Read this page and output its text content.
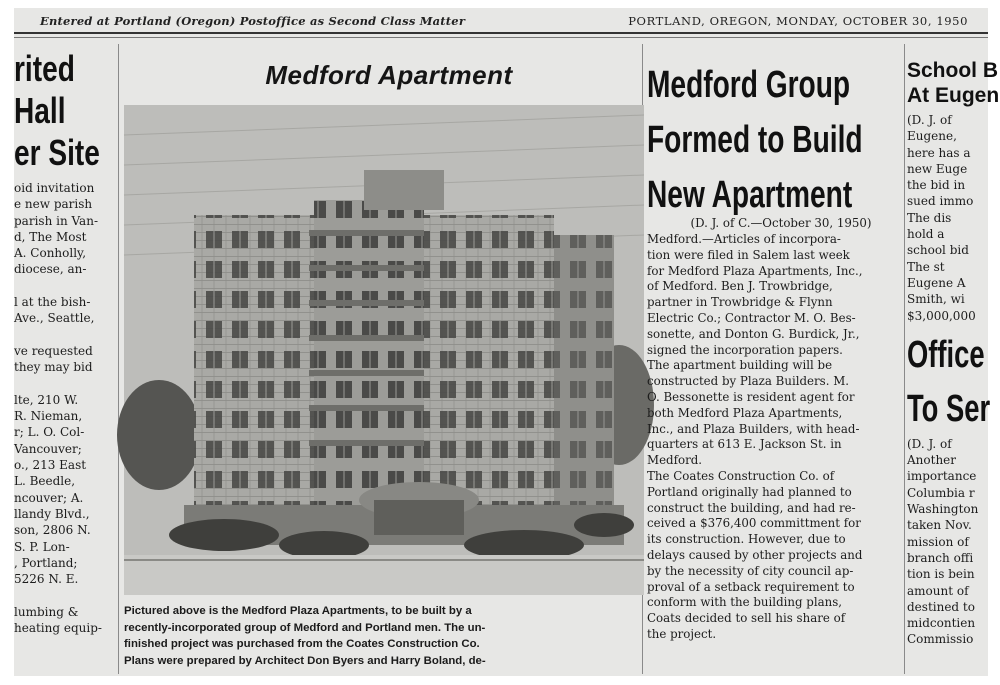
Entered at Portland (Oregon) Postoffice as Second Class Matter	PORTLAND, OREGON, MONDAY, OCTOBER 30, 1950
rited
Hall
er Site

oid invitation

e new parish

parish in Van-

d, The Most

A. Conholly,

diocese, an-

l at the bish-

Ave., Seattle,

ve requested

they may bid

lte, 210 W.

R. Nieman,

r; L. O. Col-

Vancouver;

o., 213 East

L. Beedle,

ncouver; A.

llandy Blvd.,

son, 2806 N.

S. P. Lon-

, Portland;

5226 N. E.

lumbing &

heating equip-

Medford Apartment

Pictured above is the Medford Plaza Apartments, to be built by a

recently-incorporated group of Medford and Portland men. The un-

finished project was purchased from the Coates Construction Co.

Plans were prepared by Architect Don Byers and Harry Boland, de-

Medford Group

Formed to Build

New Apartment

(D. J. of C.—October 30, 1950)

Medford.—Articles of incorpora-

tion were filed in Salem last week

for Medford Plaza Apartments, Inc.,

of Medford. Ben J. Trowbridge,

partner in Trowbridge & Flynn

Electric Co.; Contractor M. O. Bes-

sonette, and Donton G. Burdick, Jr.,

signed the incorporation papers.

The apartment building will be

constructed by Plaza Builders. M.

O. Bessonette is resident agent for

both Medford Plaza Apartments,

Inc., and Plaza Builders, with head-

quarters at 613 E. Jackson St. in

Medford.

The Coates Construction Co. of

Portland originally had planned to

construct the building, and had re-

ceived a $376,400 committment for

its construction. However, due to

delays caused by other projects and

by the necessity of city council ap-

proval of a setback requirement to

conform with the building plans,

Coats decided to sell his share of

the project.

School B

At Eugen

(D. J. of

Eugene,

here has a

new Euge

the bid in

sued immo

The dis

hold a

school bid

The st

Eugene A

Smith, wi

$3,000,000

Office

To Ser

(D. J. of

Another

importance

Columbia r

Washington

taken Nov.

mission of

branch offi

tion is bein

amount of

destined to

midcontien

Commissio
